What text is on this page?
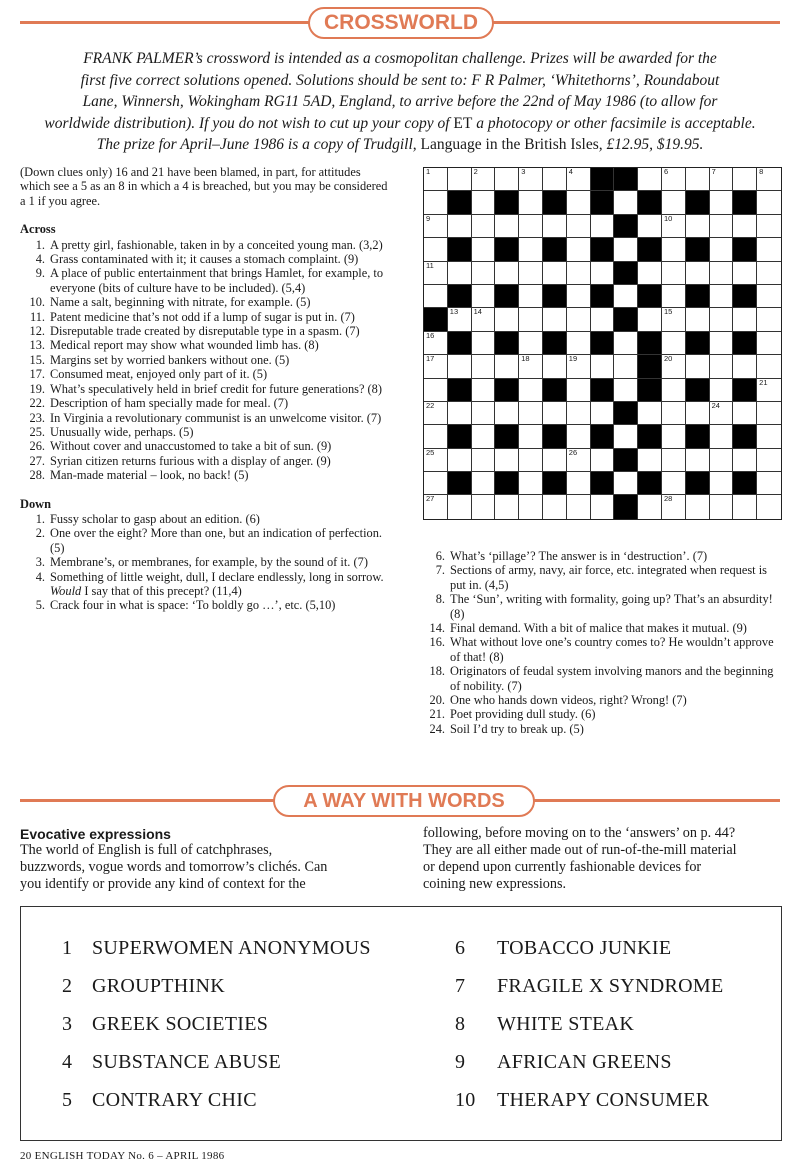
CROSSWORLD
FRANK PALMER’s crossword is intended as a cosmopolitan challenge. Prizes will be awarded for the
first five correct solutions opened. Solutions should be sent to: F R Palmer, ‘Whitethorns’, Roundabout
Lane, Winnersh, Wokingham RG11 5AD, England, to arrive before the 22nd of May 1986 (to allow for
worldwide distribution). If you do not wish to cut up your copy of ET a photocopy or other facsimile is acceptable.
The prize for April–June 1986 is a copy of Trudgill, Language in the British Isles, £12.95, $19.95.
(Down clues only) 16 and 21 have been blamed, in part, for attitudes which see a 5 as an 8 in which a 4 is breached, but you may be considered a 1 if you agree.
Across
1. A pretty girl, fashionable, taken in by a conceited young man. (3,2)
4. Grass contaminated with it; it causes a stomach complaint. (9)
9. A place of public entertainment that brings Hamlet, for example, to everyone (bits of culture have to be included). (5,4)
10. Name a salt, beginning with nitrate, for example. (5)
11. Patent medicine that’s not odd if a lump of sugar is put in. (7)
12. Disreputable trade created by disreputable type in a spasm. (7)
13. Medical report may show what wounded limb has. (8)
15. Margins set by worried bankers without one. (5)
17. Consumed meat, enjoyed only part of it. (5)
19. What’s speculatively held in brief credit for future generations? (8)
22. Description of ham specially made for meal. (7)
23. In Virginia a revolutionary communist is an unwelcome visitor. (7)
25. Unusually wide, perhaps. (5)
26. Without cover and unaccustomed to take a bit of sun. (9)
27. Syrian citizen returns furious with a display of anger. (9)
28. Man-made material – look, no back! (5)
Down
1. Fussy scholar to gasp about an edition. (6)
2. One over the eight? More than one, but an indication of perfection. (5)
3. Membrane’s, or membranes, for example, by the sound of it. (7)
4. Something of little weight, dull, I declare endlessly, long in sorrow. Would I say that of this precept? (11,4)
5. Crack four in what is space: ‘To boldly go …’, etc. (5,10)
1	2	3	4	6	7	8
9	10
11
13 14	15
16
17	18	19	20
21
22	24
25	26
27	28
6. What’s ‘pillage’? The answer is in ‘destruction’. (7)
7. Sections of army, navy, air force, etc. integrated when request is put in. (4,5)
8. The ‘Sun’, writing with formality, going up? That’s an absurdity! (8)
14. Final demand. With a bit of malice that makes it mutual. (9)
16. What without love one’s country comes to? He wouldn’t approve of that! (8)
18. Originators of feudal system involving manors and the beginning of nobility. (7)
20. One who hands down videos, right? Wrong! (7)
21. Poet providing dull study. (6)
24. Soil I’d try to break up. (5)
A WAY WITH WORDS
Evocative expressions
The world of English is full of catchphrases,
buzzwords, vogue words and tomorrow’s clichés. Can
you identify or provide any kind of context for the
following, before moving on to the ‘answers’ on p. 44?
They are all either made out of run-of-the-mill material
or depend upon currently fashionable devices for
coining new expressions.
1 SUPERWOMEN ANONYMOUS
2 GROUPTHINK
3 GREEK SOCIETIES
4 SUBSTANCE ABUSE
5 CONTRARY CHIC
6	TOBACCO JUNKIE
7	FRAGILE X SYNDROME
8	WHITE STEAK
9	AFRICAN GREENS
10	THERAPY CONSUMER
20 ENGLISH TODAY No. 6 – APRIL 1986
